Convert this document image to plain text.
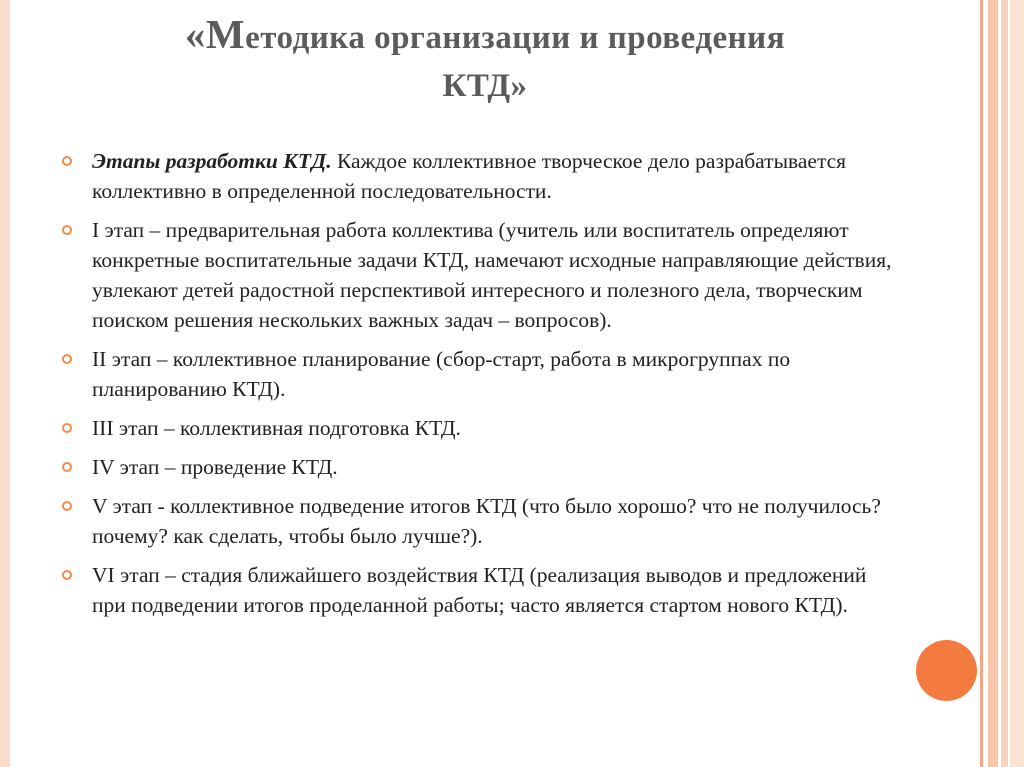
«Методика организации и проведения
КТД»
Этапы разработки КТД. Каждое коллективное творческое дело разрабатывается коллективно в определенной последовательности.
I этап – предварительная работа коллектива (учитель или воспитатель определяют конкретные воспитательные задачи КТД, намечают исходные направляющие действия, увлекают детей радостной перспективой интересного и полезного дела, творческим поиском решения нескольких важных задач – вопросов).
II этап – коллективное планирование (сбор-старт, работа в микрогруппах по планированию КТД).
III этап – коллективная подготовка КТД.
IV этап – проведение КТД.
V этап - коллективное подведение итогов КТД (что было хорошо? что не получилось? почему? как сделать, чтобы было лучше?).
VI этап – стадия ближайшего воздействия КТД (реализация выводов и предложений при подведении итогов проделанной работы; часто является стартом нового КТД).
